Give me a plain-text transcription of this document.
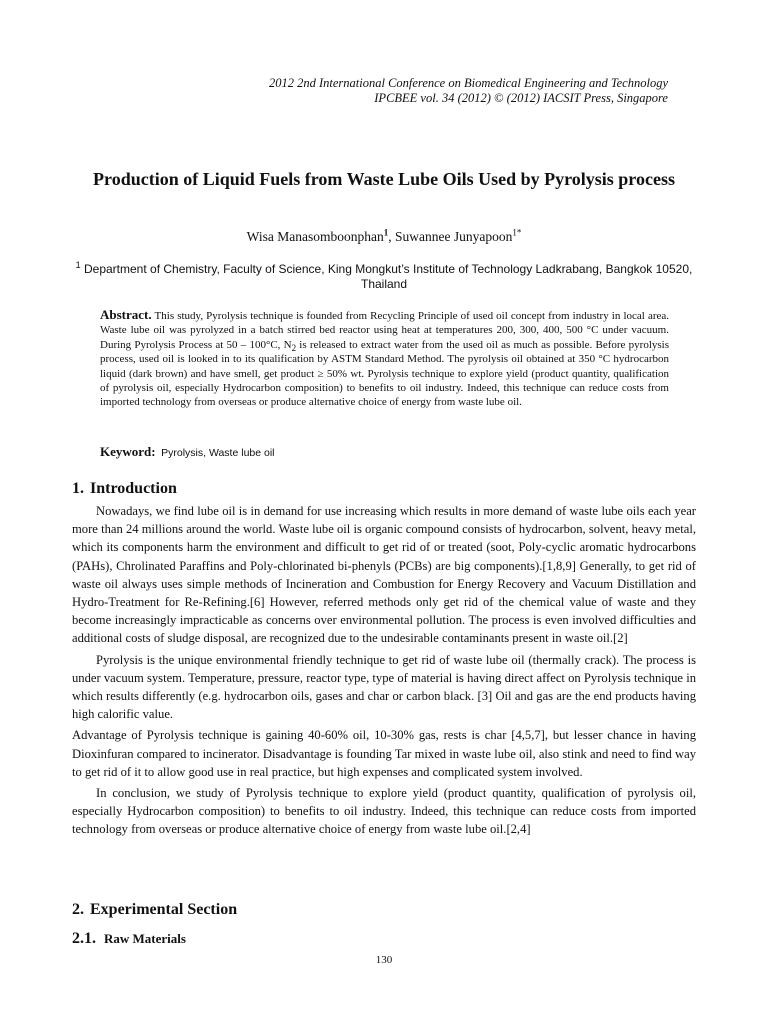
2012 2nd International Conference on Biomedical Engineering and Technology
IPCBEE vol. 34 (2012) © (2012) IACSIT Press, Singapore
Production of Liquid Fuels from Waste Lube Oils Used by Pyrolysis process
Wisa Manasomboonphan$^1$, Suwannee Junyapoon$^{1*}$
$^1$ Department of Chemistry, Faculty of Science, King Mongkut’s Institute of Technology Ladkrabang, Bangkok 10520, Thailand
Abstract. This study, Pyrolysis technique is founded from Recycling Principle of used oil concept from industry in local area. Waste lube oil was pyrolyzed in a batch stirred bed reactor using heat at temperatures 200, 300, 400, 500 °C under vacuum. During Pyrolysis Process at 50 – 100°C, $N_2$ is released to extract water from the used oil as much as possible. Before pyrolysis process, used oil is looked in to its qualification by ASTM Standard Method. The pyrolysis oil obtained at 350 °C hydrocarbon liquid (dark brown) and have smell, get product ≥ 50% wt. Pyrolysis technique to explore yield (product quantity, qualification of pyrolysis oil, especially Hydrocarbon composition) to benefits to oil industry. Indeed, this technique can reduce costs from imported technology from overseas or produce alternative choice of energy from waste lube oil.
Keyword: Pyrolysis, Waste lube oil
1. Introduction

Nowadays, we find lube oil is in demand for use increasing which results in more demand of waste lube oils each year more than 24 millions around the world. Waste lube oil is organic compound consists of hydrocarbon, solvent, heavy metal, which its components harm the environment and difficult to get rid of or treated (soot, Poly-cyclic aromatic hydrocarbons (PAHs), Chrolinated Paraffins and Poly-chlorinated bi-phenyls (PCBs) are big components).[1,8,9] Generally, to get rid of waste oil always uses simple methods of Incineration and Combustion for Energy Recovery and Vacuum Distillation and Hydro-Treatment for Re-Refining.[6] However, referred methods only get rid of the chemical value of waste and they become increasingly impracticable as concerns over environmental pollution. The process is even involved difficulties and additional costs of sludge disposal, are recognized due to the undesirable contaminants present in waste oil.[2]

Pyrolysis is the unique environmental friendly technique to get rid of waste lube oil (thermally crack). The process is under vacuum system. Temperature, pressure, reactor type, type of material is having direct affect on Pyrolysis technique in which results differently (e.g. hydrocarbon oils, gases and char or carbon black. [3] Oil and gas are the end products having high calorific value.

Advantage of Pyrolysis technique is gaining 40-60% oil, 10-30% gas, rests is char [4,5,7], but lesser chance in having Dioxinfuran compared to incinerator. Disadvantage is founding Tar mixed in waste lube oil, also stink and need to find way to get rid of it to allow good use in real practice, but high expenses and complicated system involved.

In conclusion, we study of Pyrolysis technique to explore yield (product quantity, qualification of pyrolysis oil, especially Hydrocarbon composition) to benefits to oil industry. Indeed, this technique can reduce costs from imported technology from overseas or produce alternative choice of energy from waste lube oil.[2,4]

2. Experimental Section
2.1. Raw Materials
130
